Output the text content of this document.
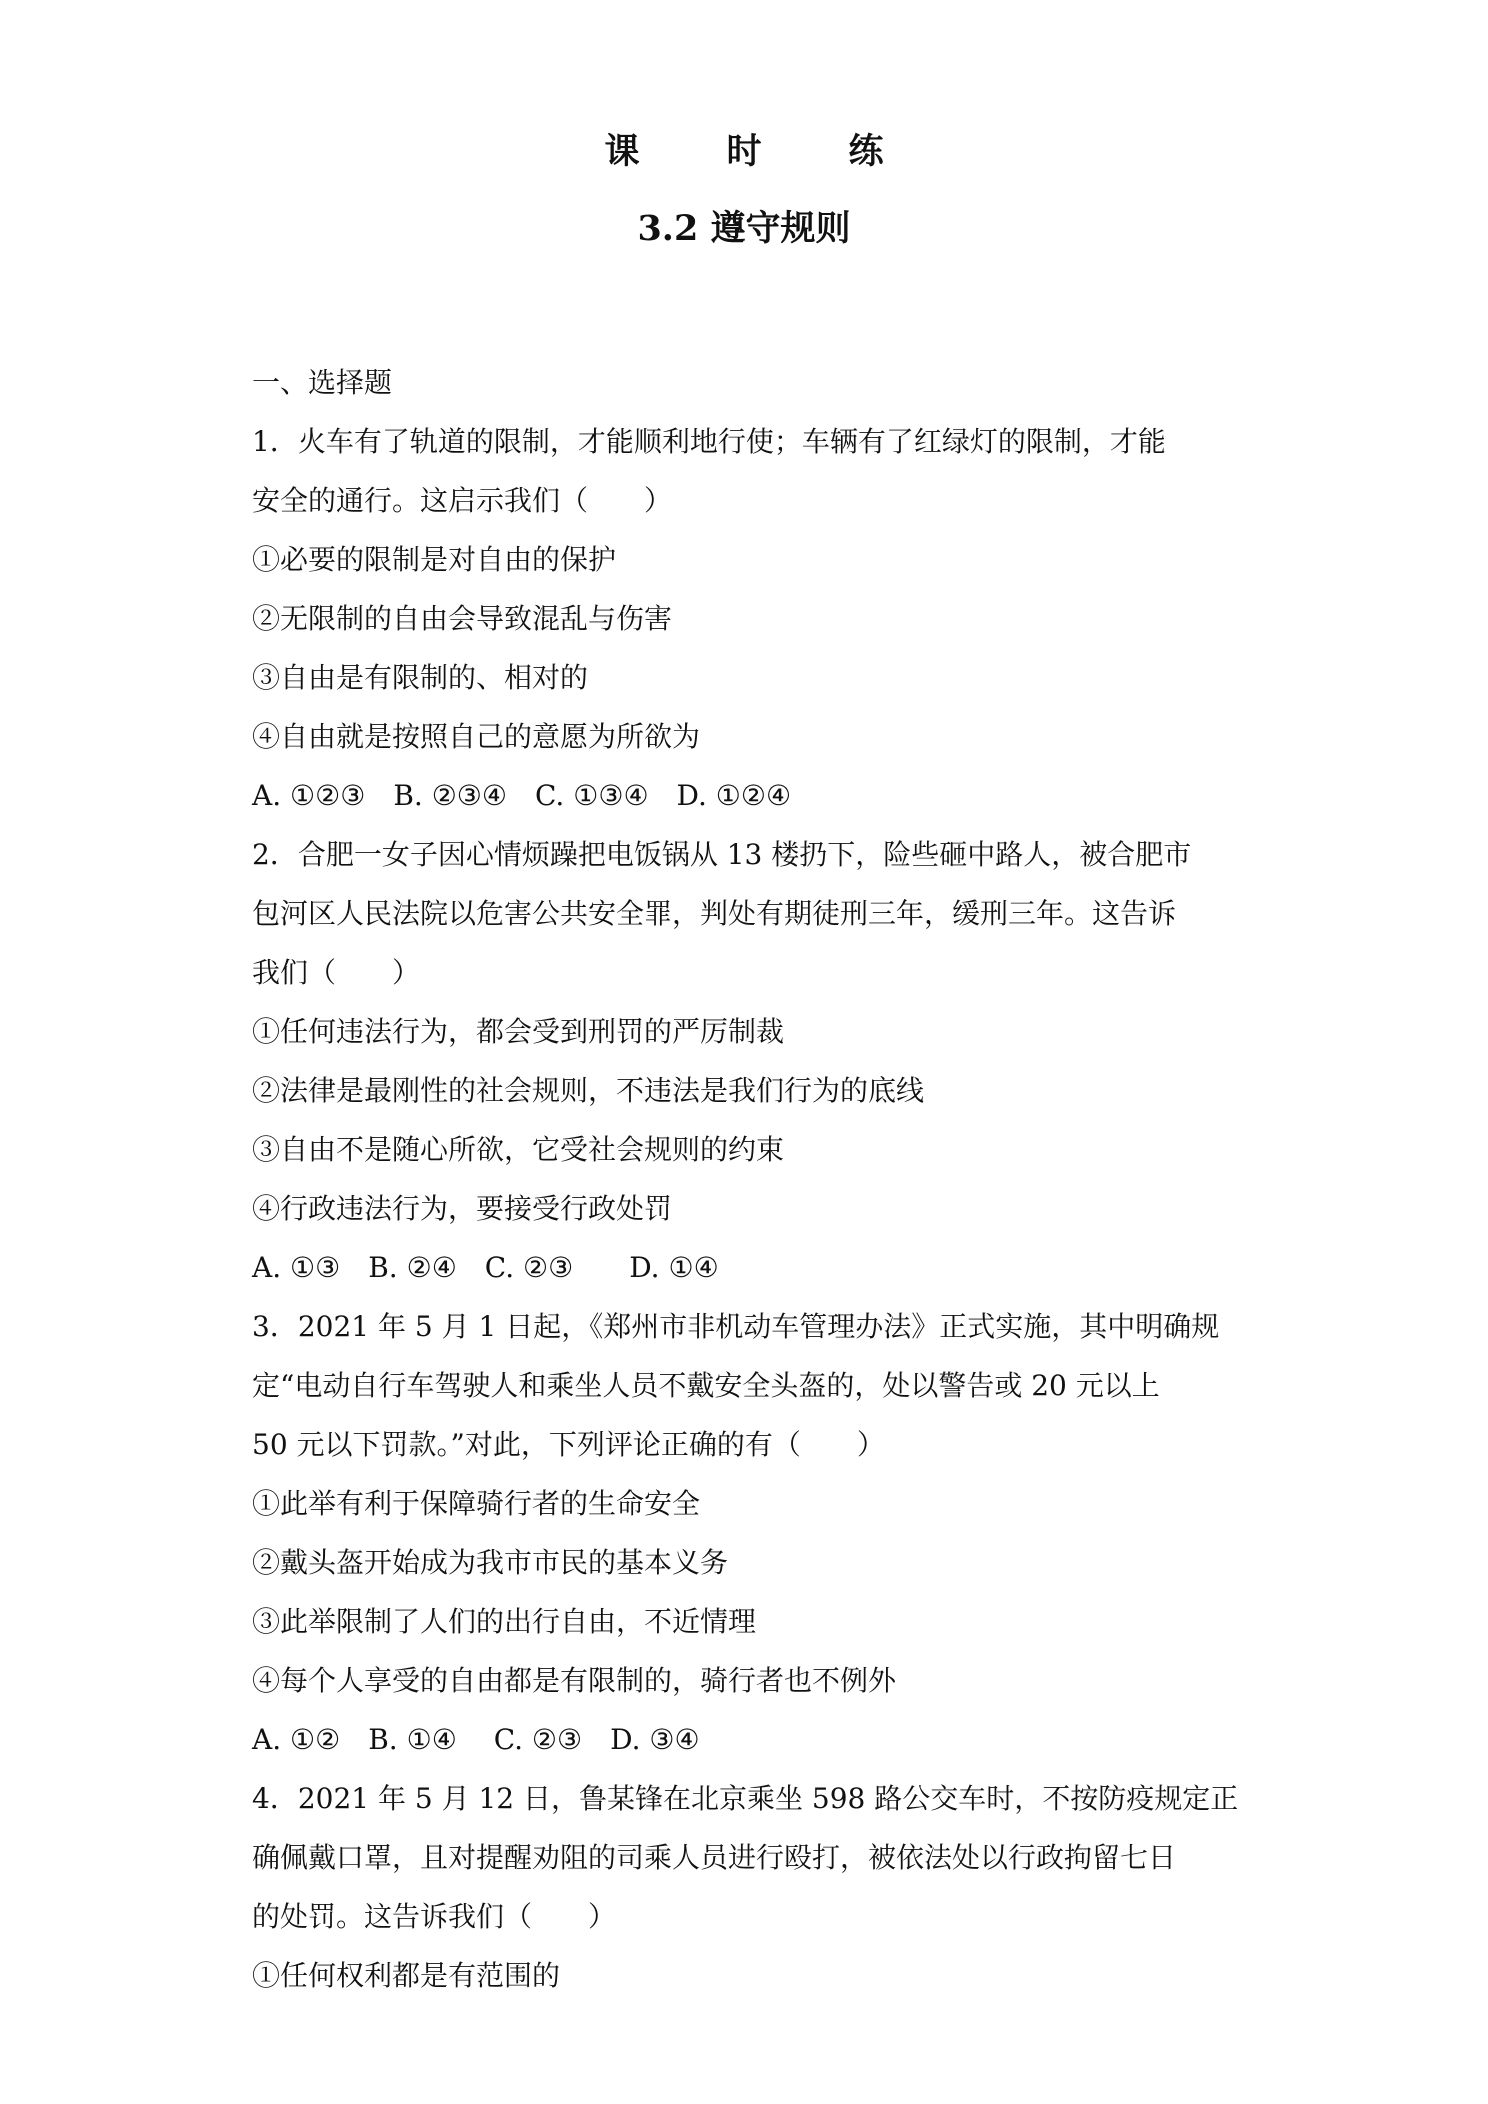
课　时　练
3.2 遵守规则
一、选择题
1．火车有了轨道的限制，才能顺利地行使；车辆有了红绿灯的限制，才能
安全的通行。这启示我们（　　）
①必要的限制是对自由的保护
②无限制的自由会导致混乱与伤害
③自由是有限制的、相对的
④自由就是按照自己的意愿为所欲为
A. ①②③　B. ②③④　C. ①③④　D. ①②④
2．合肥一女子因心情烦躁把电饭锅从 13 楼扔下，险些砸中路人，被合肥市
包河区人民法院以危害公共安全罪，判处有期徒刑三年，缓刑三年。这告诉
我们（　　）
①任何违法行为，都会受到刑罚的严厉制裁
②法律是最刚性的社会规则，不违法是我们行为的底线
③自由不是随心所欲，它受社会规则的约束
④行政违法行为，要接受行政处罚
A. ①③　B. ②④　C. ②③　　D. ①④
3．2021 年 5 月 1 日起，《郑州市非机动车管理办法》正式实施，其中明确规
定“电动自行车驾驶人和乘坐人员不戴安全头盔的，处以警告或 20 元以上
50 元以下罚款。”对此，下列评论正确的有（　　）
①此举有利于保障骑行者的生命安全
②戴头盔开始成为我市市民的基本义务
③此举限制了人们的出行自由，不近情理
④每个人享受的自由都是有限制的，骑行者也不例外
A. ①②　B. ①④　 C. ②③　D. ③④
4．2021 年 5 月 12 日，鲁某锋在北京乘坐 598 路公交车时，不按防疫规定正
确佩戴口罩，且对提醒劝阻的司乘人员进行殴打，被依法处以行政拘留七日
的处罚。这告诉我们（　　）
①任何权利都是有范围的
